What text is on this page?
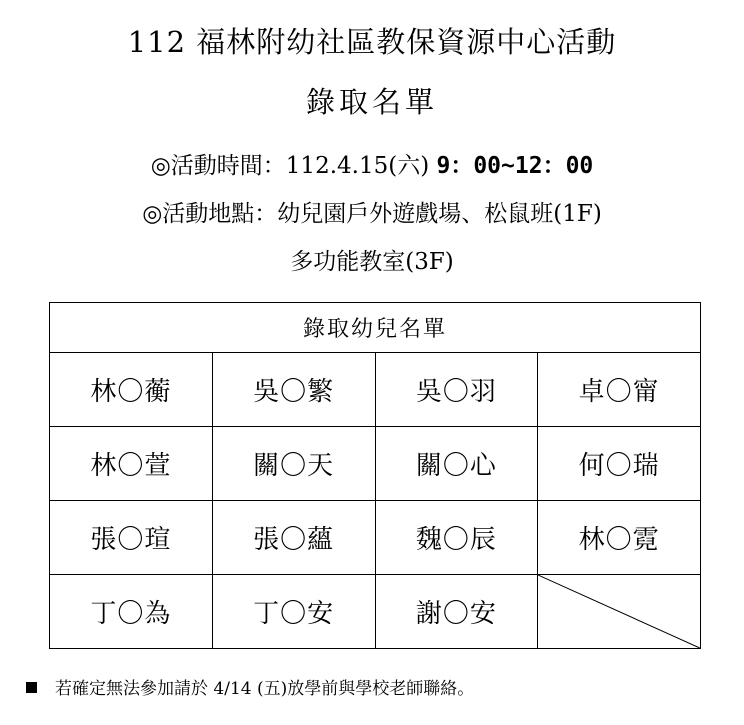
112 福林附幼社區教保資源中心活動
錄取名單
◎活動時間：112.4.15(六) 9：00~12：00
◎活動地點：幼兒園戶外遊戲場、松鼠班(1F)
多功能教室(3F)
錄取幼兒名單			
林〇蘅	吳〇繁	吳〇羽	卓〇甯
林〇萱	關〇天	關〇心	何〇瑞
張〇瑄	張〇蘊	魏〇辰	林〇霓
丁〇為	丁〇安	謝〇安	
若確定無法參加請於 4/14 (五)放學前與學校老師聯絡。
